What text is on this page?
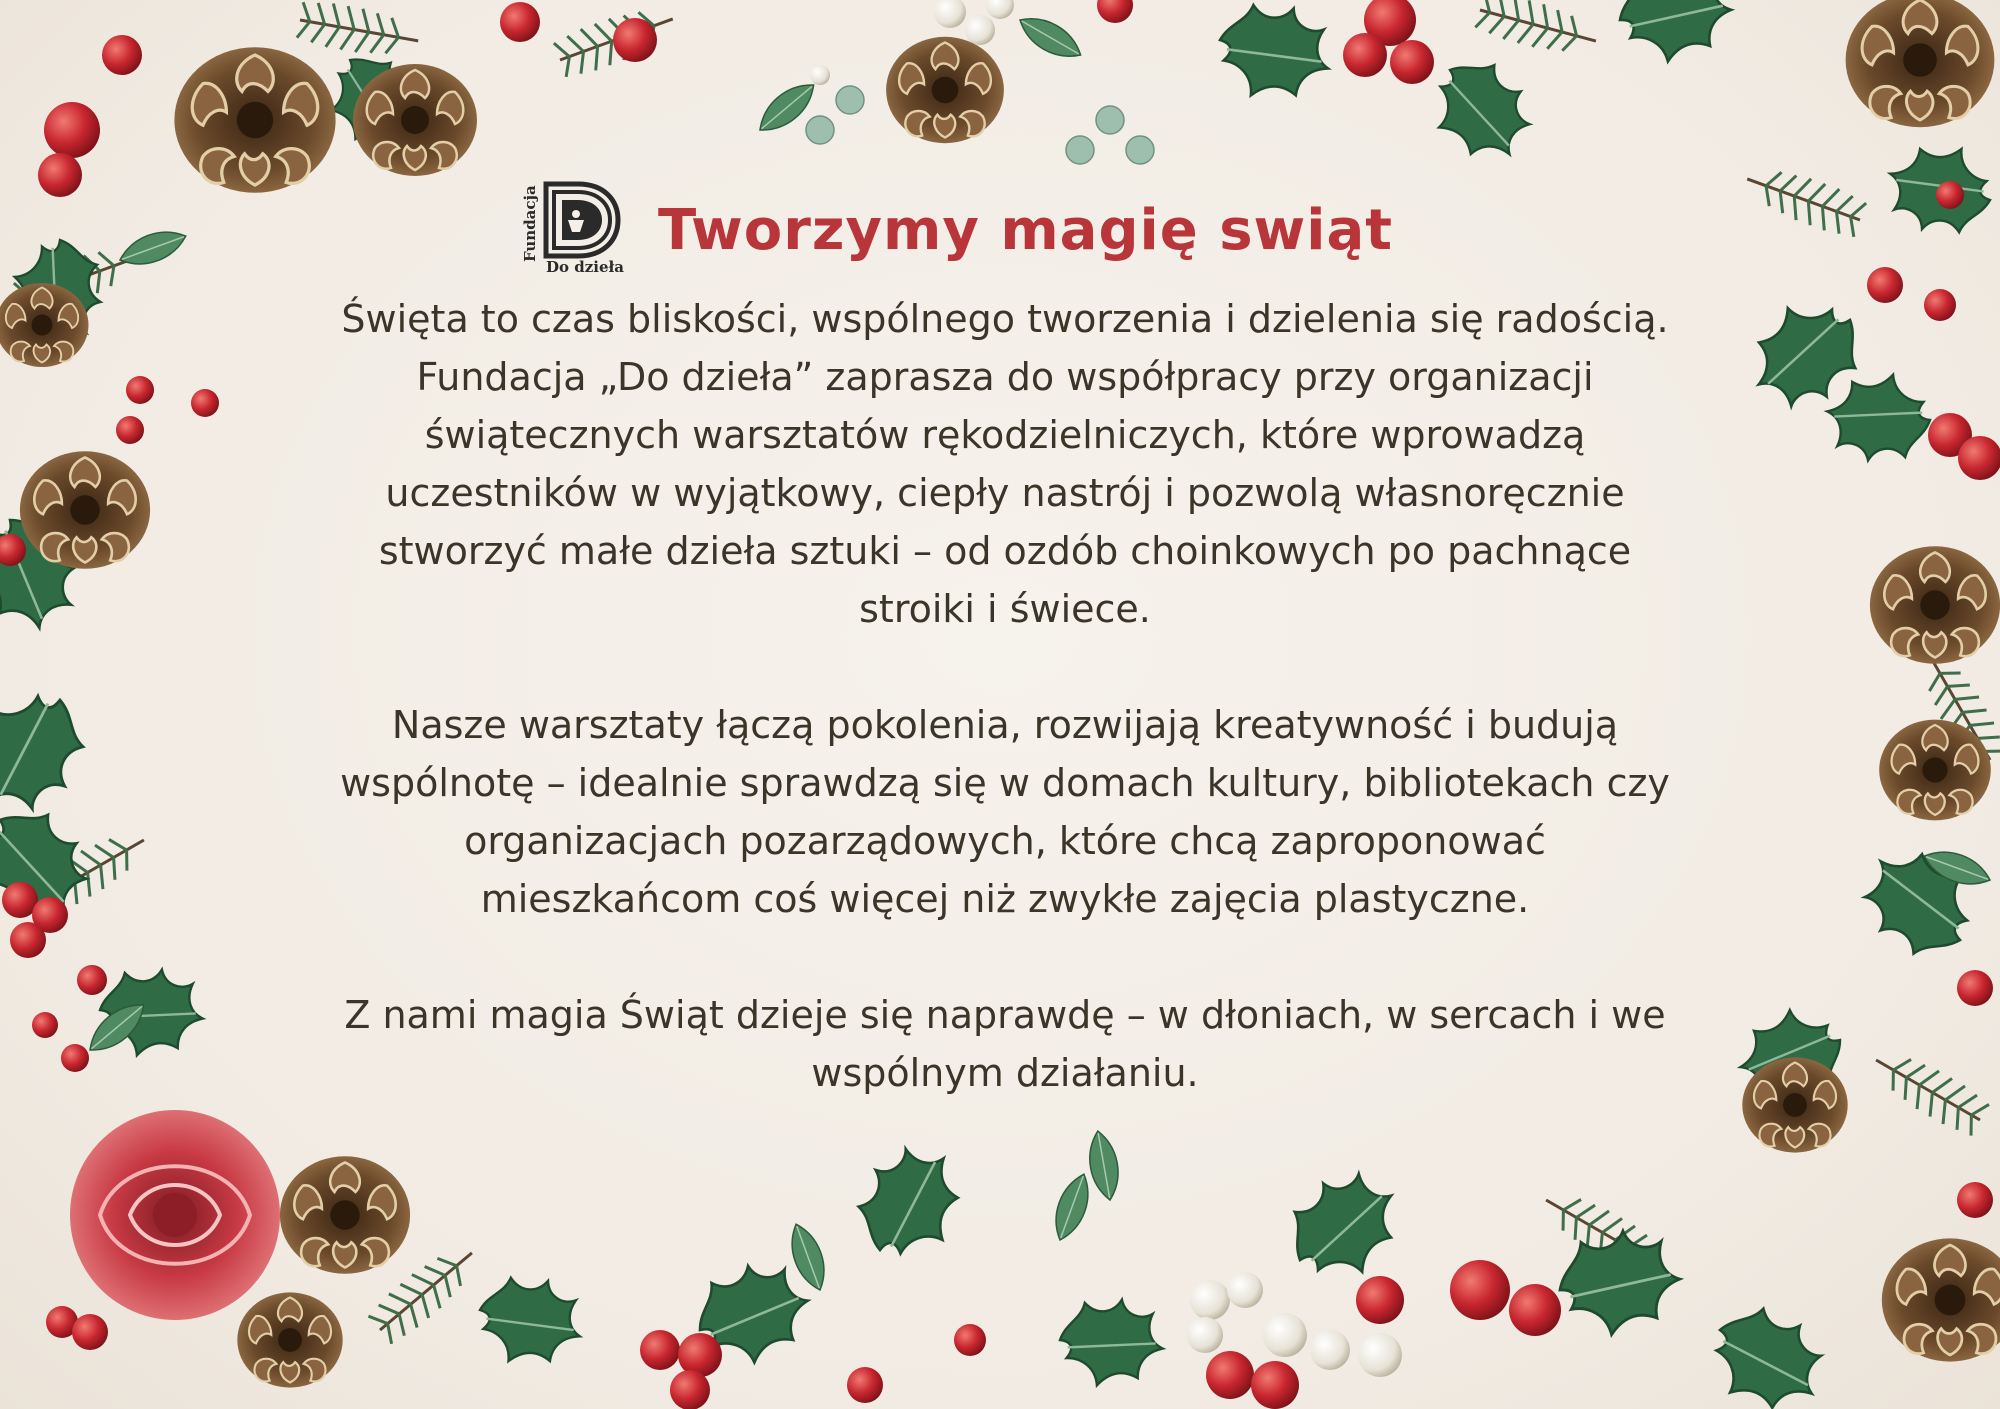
Fundacja
Do dzieła
Tworzymy magię swiąt

Święta to czas bliskości, wspólnego tworzenia i dzielenia się radością. Fundacja „Do dzieła” zaprasza do współpracy przy organizacji świątecznych warsztatów rękodzielniczych, które wprowadzą uczestników w wyjątkowy, ciepły nastrój i pozwolą własnoręcznie stworzyć małe dzieła sztuki – od ozdób choinkowych po pachnące stroiki i świece.

Nasze warsztaty łączą pokolenia, rozwijają kreatywność i budują wspólnotę – idealnie sprawdzą się w domach kultury, bibliotekach czy organizacjach pozarządowych, które chcą zaproponować mieszkańcom coś więcej niż zwykłe zajęcia plastyczne.

Z nami magia Świąt dzieje się naprawdę – w dłoniach, w sercach i we wspólnym działaniu.
